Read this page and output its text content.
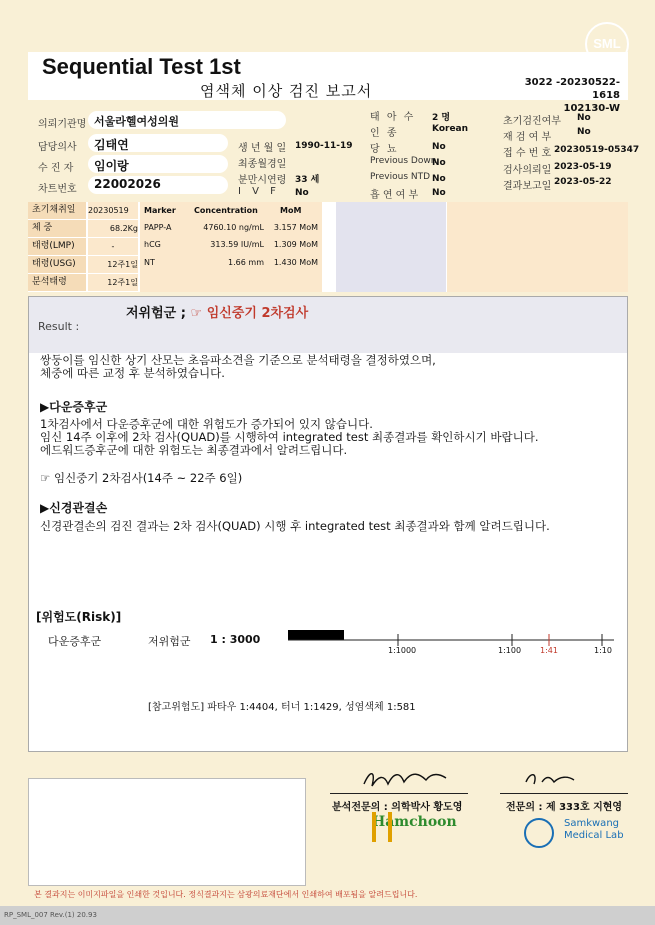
SML
Sequential Test 1st
염색체 이상 검진 보고서	3022 -20230522-1618
102130-W
의뢰기관명 서울라헬여성의원
담당의사 김태연
수 진 자 임이랑
차트번호 22002026
생 년 월 일 1990-11-19
최종월경일
분만시연령 33 세
I V F No
태 아 수 2 명
인 종	Korean
당 뇨	No
Previous Down
No
Previous NTD No
흡 연 여 부 No
초기검진여부 No
재 검 여 부	No
접 수 번 호 20230519-05347
검사의뢰일 2023-05-19
결과보고일 2023-05-22
초기채취일	20230519
체 중	68.2Kg
태령(LMP)	-
태령(USG)	12주1일
분석태령	12주1일
Marker Concentration	MoM
PAPP-A	4760.10 ng/mL	3.157 MoM
hCG	313.59 IU/mL	1.309 MoM
NT	1.66 mm	1.430 MoM
Result :
저위험군 ; ☞ 임신중기 2차검사
쌍둥이를 임신한 상기 산모는 초음파소견을 기준으로 분석태령을 결정하였으며,
체중에 따른 교정 후 분석하였습니다.
▶다운증후군
1차검사에서 다운증후군에 대한 위험도가 증가되어 있지 않습니다.
임신 14주 이후에 2차 검사(QUAD)를 시행하여 integrated test 최종결과를 확인하시기 바랍니다.
에드워드증후군에 대한 위험도는 최종결과에서 알려드립니다.
☞ 임신중기 2차검사(14주 ~ 22주 6일)
▶신경관결손
신경관결손의 검진 결과는 2차 검사(QUAD) 시행 후 integrated test 최종결과와 함께 알려드립니다.
[위험도(Risk)]
다운증후군	저위험군 1 : 3000
1:1000	1:100 1:41	1:10
[참고위험도] 파타우 1:4404, 터너 1:1429, 성염색체 1:581
분석전문의 : 의학박사 황도영
Hamchoon
전문의 : 제 333호 지현영
Samkwang
Medical Lab
본 결과지는 이미지파일을 인쇄한 것입니다. 정식결과지는 삼광의료재단에서 인쇄하여 배포됨을 알려드립니다.
RP_SML_007 Rev.(1) 20.93
